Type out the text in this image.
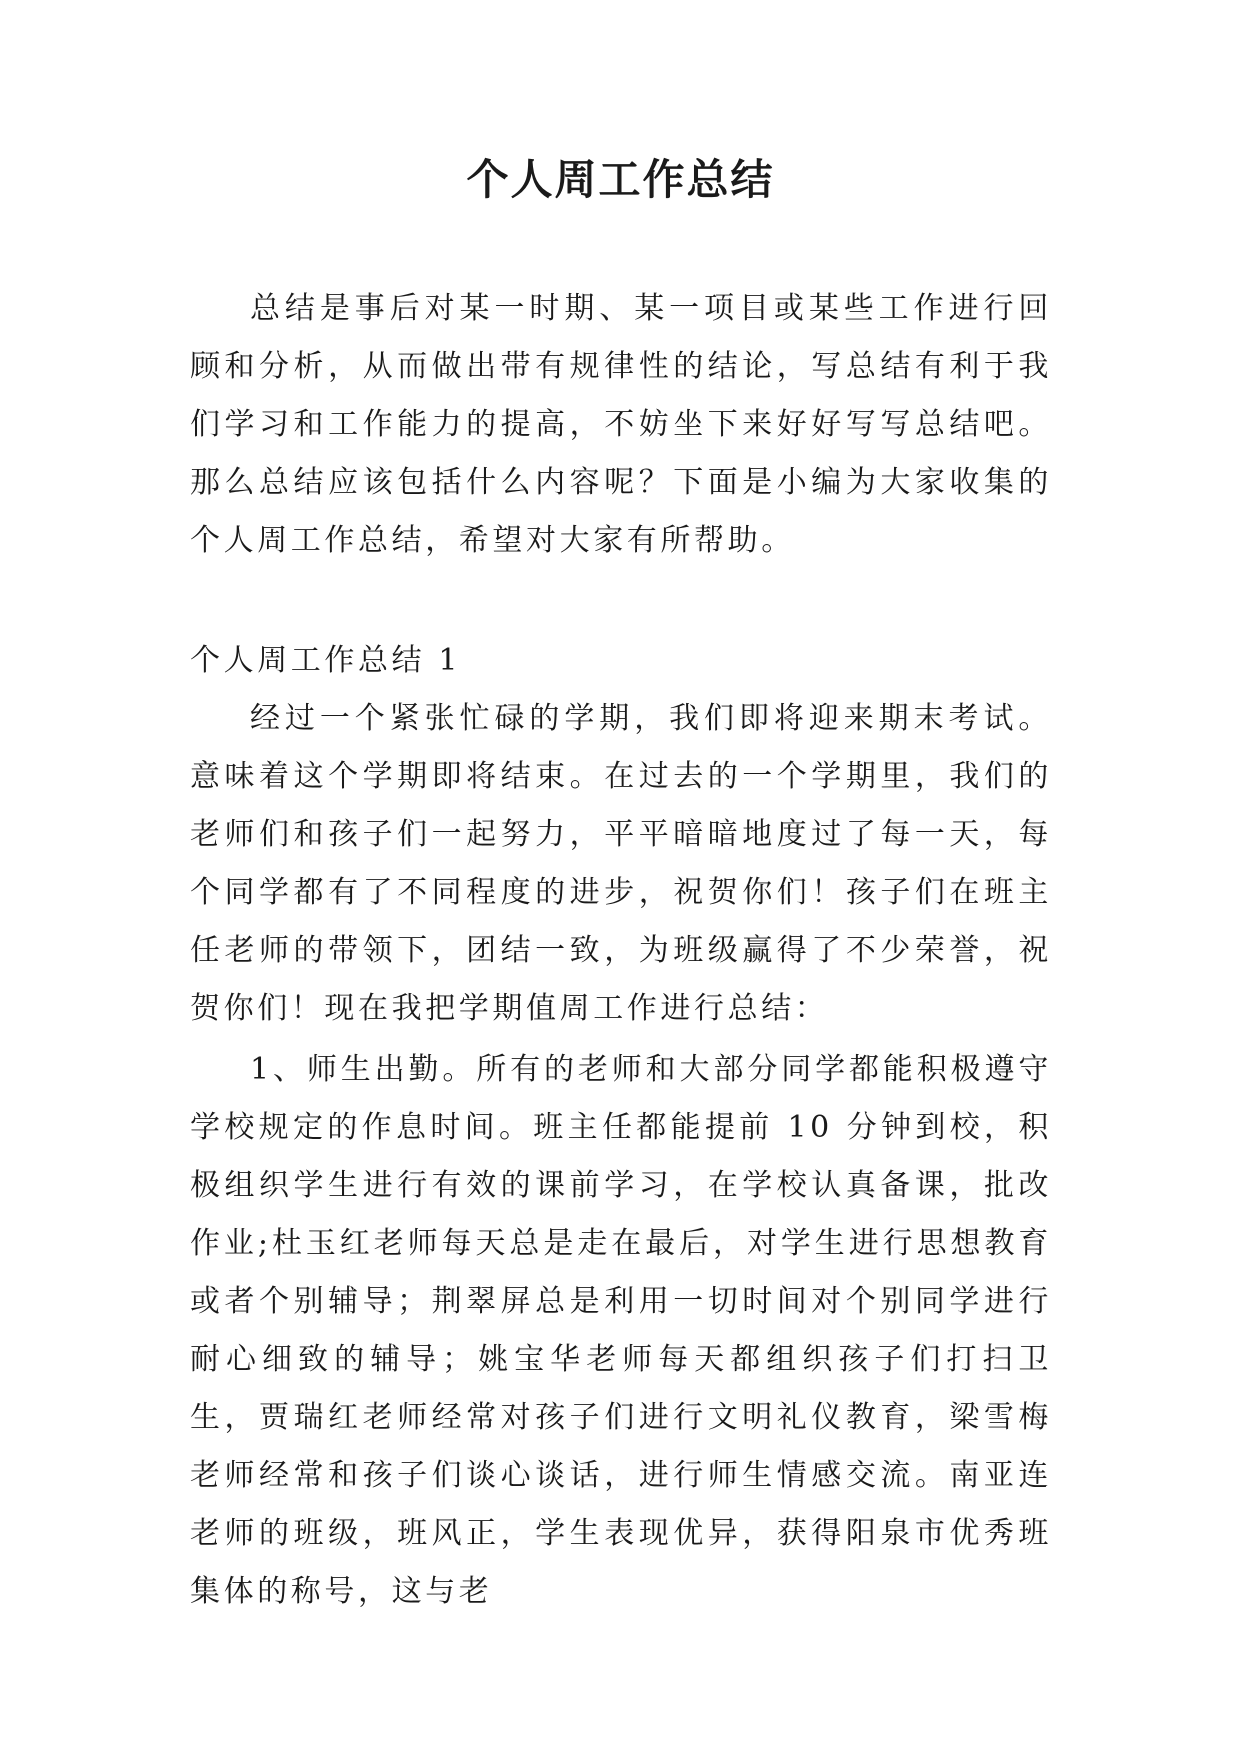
个人周工作总结

总结是事后对某一时期、某一项目或某些工作进行回顾和分析，从而做出带有规律性的结论，写总结有利于我们学习和工作能力的提高，不妨坐下来好好写写总结吧。那么总结应该包括什么内容呢？下面是小编为大家收集的个人周工作总结，希望对大家有所帮助。

个人周工作总结 1

经过一个紧张忙碌的学期，我们即将迎来期末考试。意味着这个学期即将结束。在过去的一个学期里，我们的老师们和孩子们一起努力，平平暗暗地度过了每一天，每个同学都有了不同程度的进步，祝贺你们！孩子们在班主任老师的带领下，团结一致，为班级赢得了不少荣誉，祝贺你们！现在我把学期值周工作进行总结：

1、师生出勤。所有的老师和大部分同学都能积极遵守学校规定的作息时间。班主任都能提前 10 分钟到校，积极组织学生进行有效的课前学习，在学校认真备课，批改作业;杜玉红老师每天总是走在最后，对学生进行思想教育或者个别辅导；荆翠屏总是利用一切时间对个别同学进行耐心细致的辅导；姚宝华老师每天都组织孩子们打扫卫生，贾瑞红老师经常对孩子们进行文明礼仪教育，梁雪梅老师经常和孩子们谈心谈话，进行师生情感交流。南亚连老师的班级，班风正，学生表现优异，获得阳泉市优秀班集体的称号，这与老
